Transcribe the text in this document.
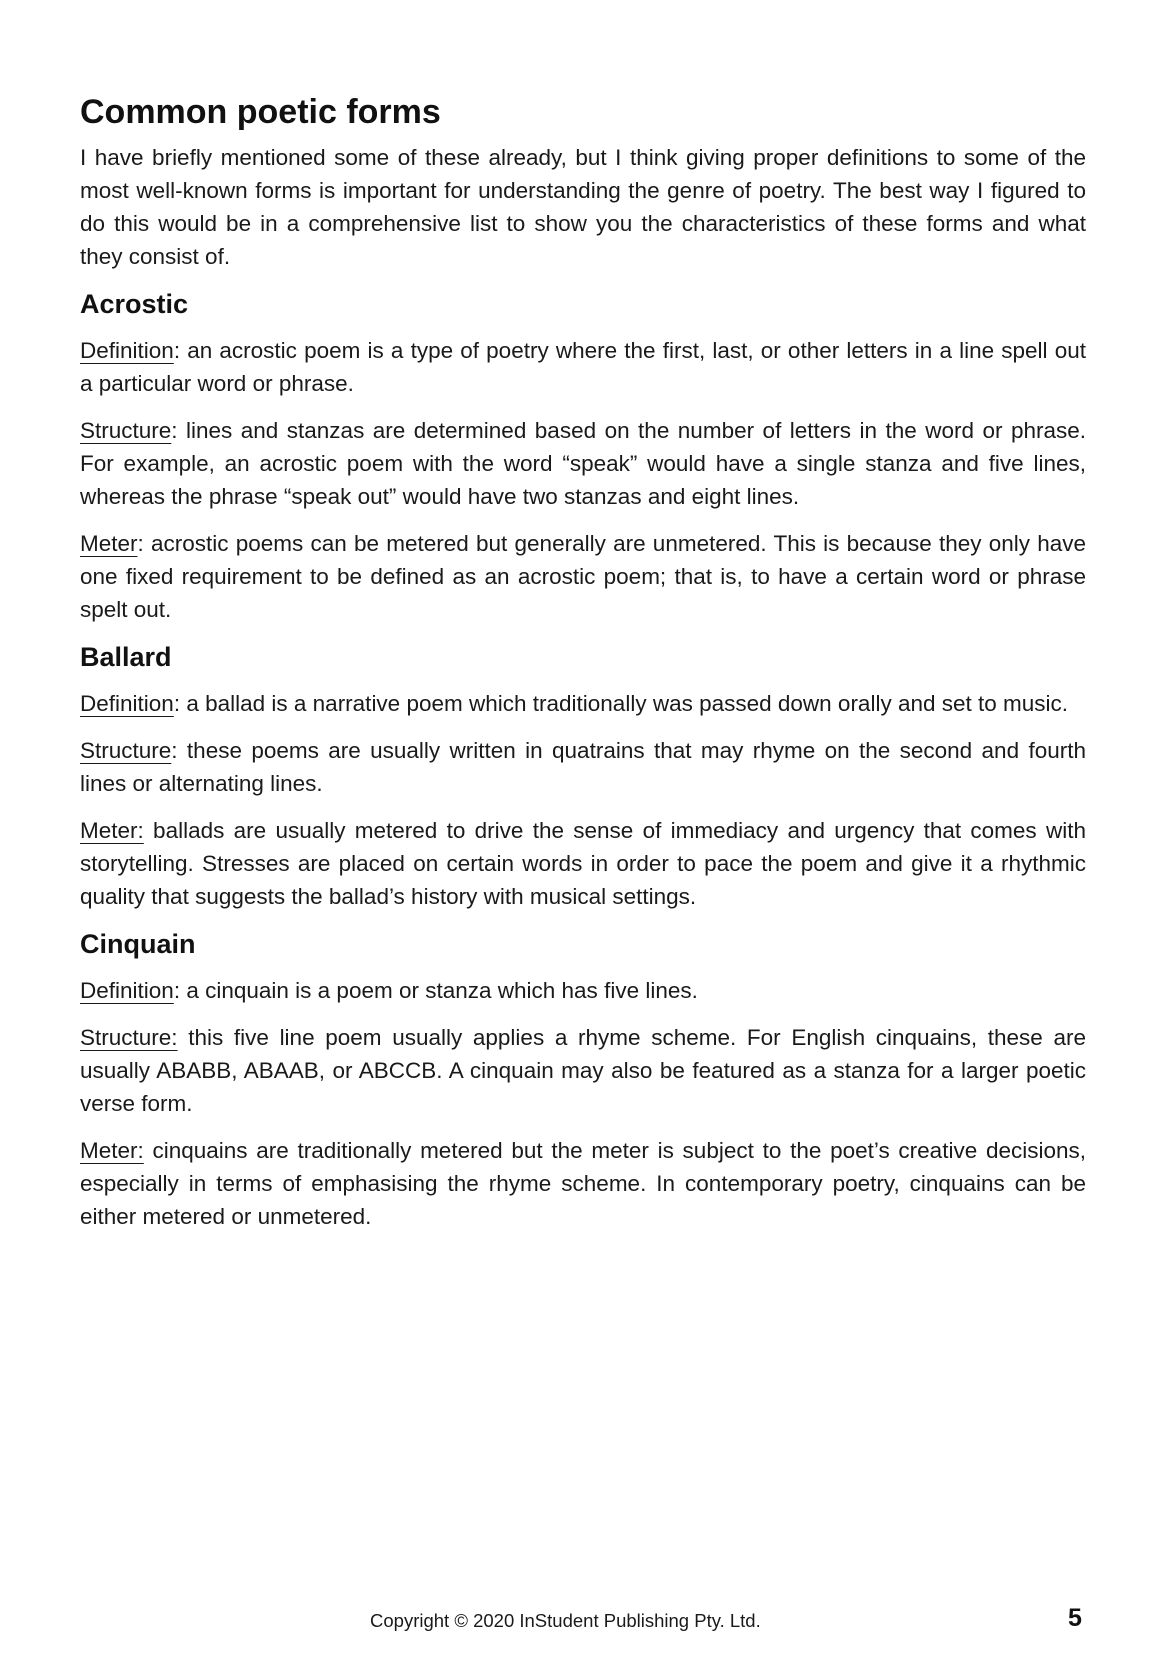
Common poetic forms

I have briefly mentioned some of these already, but I think giving proper definitions to some of the most well-known forms is important for understanding the genre of poetry. The best way I figured to do this would be in a comprehensive list to show you the characteristics of these forms and what they consist of.

Acrostic

Definition: an acrostic poem is a type of poetry where the first, last, or other letters in a line spell out a particular word or phrase.

Structure: lines and stanzas are determined based on the number of letters in the word or phrase. For example, an acrostic poem with the word “speak” would have a single stanza and five lines, whereas the phrase “speak out” would have two stanzas and eight lines.

Meter: acrostic poems can be metered but generally are unmetered. This is because they only have one fixed requirement to be defined as an acrostic poem; that is, to have a certain word or phrase spelt out.

Ballard

Definition: a ballad is a narrative poem which traditionally was passed down orally and set to music.

Structure: these poems are usually written in quatrains that may rhyme on the second and fourth lines or alternating lines.

Meter: ballads are usually metered to drive the sense of immediacy and urgency that comes with storytelling. Stresses are placed on certain words in order to pace the poem and give it a rhythmic quality that suggests the ballad’s history with musical settings.

Cinquain

Definition: a cinquain is a poem or stanza which has five lines.

Structure: this five line poem usually applies a rhyme scheme. For English cinquains, these are usually ABABB, ABAAB, or ABCCB. A cinquain may also be featured as a stanza for a larger poetic verse form.

Meter: cinquains are traditionally metered but the meter is subject to the poet’s creative decisions, especially in terms of emphasising the rhyme scheme. In contemporary poetry, cinquains can be either metered or unmetered.

Copyright © 2020 InStudent Publishing Pty. Ltd.	5
